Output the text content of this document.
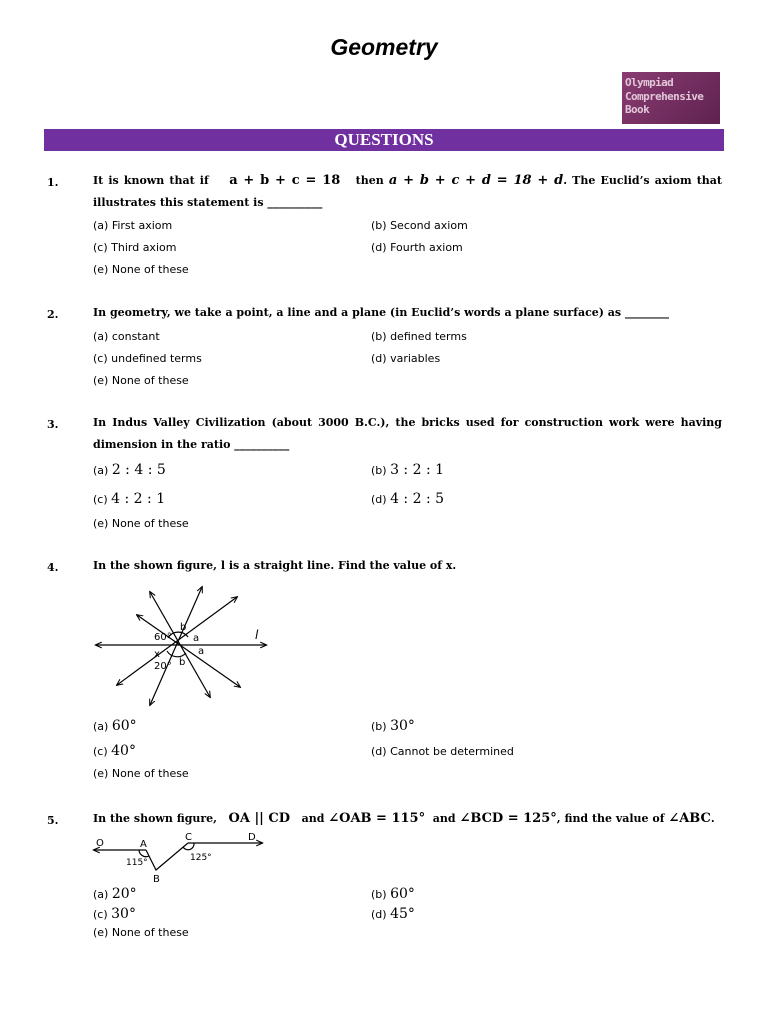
Geometry
Olympiad
Comprehensive
Book
QUESTIONS
1.	It is known that if a + b + c = 18 then a + b + c + d = 18 + d. The Euclid’s axiom that illustrates this statement is __________
(a) First axiom	(b) Second axiom
(c) Third axiom	(d) Fourth axiom
(e) None of these
2.	In geometry, we take a point, a line and a plane (in Euclid’s words a plane surface) as ________
(a) constant	(b) defined terms
(c) undefined terms	(d) variables
(e) None of these
3.	In Indus Valley Civilization (about 3000 B.C.), the bricks used for construction work were having dimension in the ratio __________
(a) 2 : 4 : 5	(b) 3 : 2 : 1
(c) 4 : 2 : 1	(d) 4 : 2 : 5
(e) None of these
4.	In the shown figure, l is a straight line. Find the value of x.
b
60° a
x	a
20° b
l
(a) 60°	(b) 30°
(c) 40°	(d) Cannot be determined
(e) None of these
5.	In the shown figure, OA || CD and ∠OAB = 115° and ∠BCD = 125°, find the value of ∠ABC.
O	A
C	D
B
115°	125°
(a) 20°	(b) 60°
(c) 30°	(d) 45°
(e) None of these
